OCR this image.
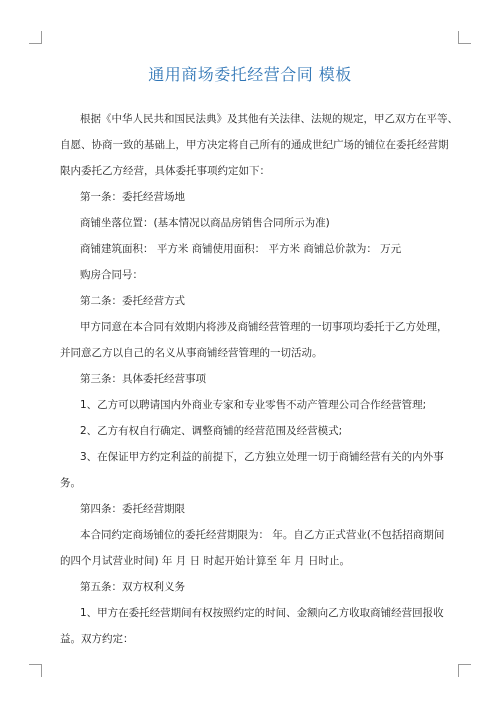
通用商场委托经营合同 模板
根据《中华人民共和国民法典》及其他有关法律、法规的规定，甲乙双方在平等、
自愿、协商一致的基础上，甲方决定将自己所有的通成世纪广场的铺位在委托经营期
限内委托乙方经营，具体委托事项约定如下：
第一条：委托经营场地
商铺坐落位置：(基本情况以商品房销售合同所示为准)
商铺建筑面积： 平方米 商铺使用面积： 平方米 商铺总价款为： 万元
购房合同号：
第二条：委托经营方式
甲方同意在本合同有效期内将涉及商铺经营管理的一切事项均委托于乙方处理，
并同意乙方以自己的名义从事商铺经营管理的一切活动。
第三条：具体委托经营事项
1、乙方可以聘请国内外商业专家和专业零售不动产管理公司合作经营管理;
2、乙方有权自行确定、调整商铺的经营范围及经营模式;
3、在保证甲方约定利益的前提下，乙方独立处理一切于商铺经营有关的内外事
务。
第四条：委托经营期限
本合同约定商场铺位的委托经营期限为： 年。自乙方正式营业(不包括招商期间
的四个月试营业时间) 年 月 日 时起开始计算至 年 月 日时止。
第五条：双方权利义务
1、甲方在委托经营期间有权按照约定的时间、金额向乙方收取商铺经营回报收
益。双方约定：
